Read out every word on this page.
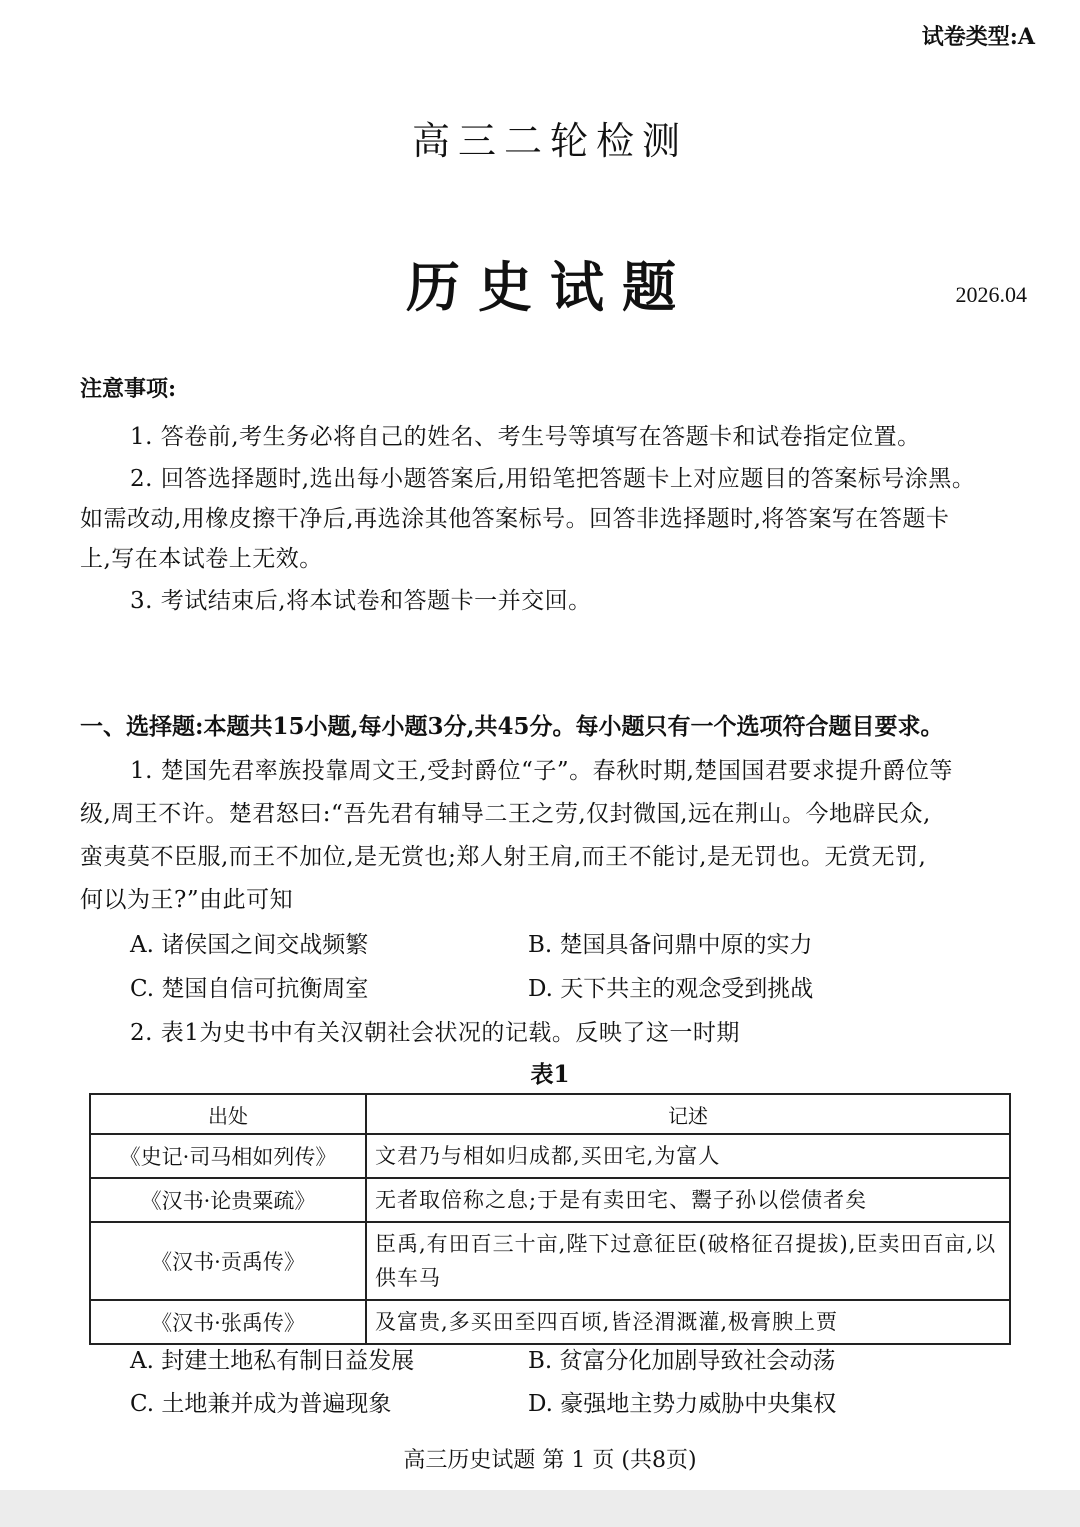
试卷类型:A
高三二轮检测
历史试题	2026.04
注意事项:
1. 答卷前,考生务必将自己的姓名、考生号等填写在答题卡和试卷指定位置。
2. 回答选择题时,选出每小题答案后,用铅笔把答题卡上对应题目的答案标号涂黑。
如需改动,用橡皮擦干净后,再选涂其他答案标号。回答非选择题时,将答案写在答题卡
上,写在本试卷上无效。
3. 考试结束后,将本试卷和答题卡一并交回。
一、选择题:本题共15小题,每小题3分,共45分。每小题只有一个选项符合题目要求。
1. 楚国先君率族投靠周文王,受封爵位“子”。春秋时期,楚国国君要求提升爵位等
级,周王不许。楚君怒曰:“吾先君有辅导二王之劳,仅封微国,远在荆山。今地辟民众,
蛮夷莫不臣服,而王不加位,是无赏也;郑人射王肩,而王不能讨,是无罚也。无赏无罚,
何以为王?”由此可知
A. 诸侯国之间交战频繁	B. 楚国具备问鼎中原的实力
C. 楚国自信可抗衡周室	D. 天下共主的观念受到挑战
2. 表1为史书中有关汉朝社会状况的记载。反映了这一时期
表1
出处	记述
《史记·司马相如列传》	文君乃与相如归成都,买田宅,为富人
《汉书·论贵粟疏》	无者取倍称之息;于是有卖田宅、鬻子孙以偿债者矣
《汉书·贡禹传》	臣禹,有田百三十亩,陛下过意征臣(破格征召提拔),臣卖田百亩,以供车马
《汉书·张禹传》	及富贵,多买田至四百顷,皆泾渭溉灌,极膏腴上贾
A. 封建土地私有制日益发展	B. 贫富分化加剧导致社会动荡
C. 土地兼并成为普遍现象	D. 豪强地主势力威胁中央集权
高三历史试题 第 1 页 (共8页)
